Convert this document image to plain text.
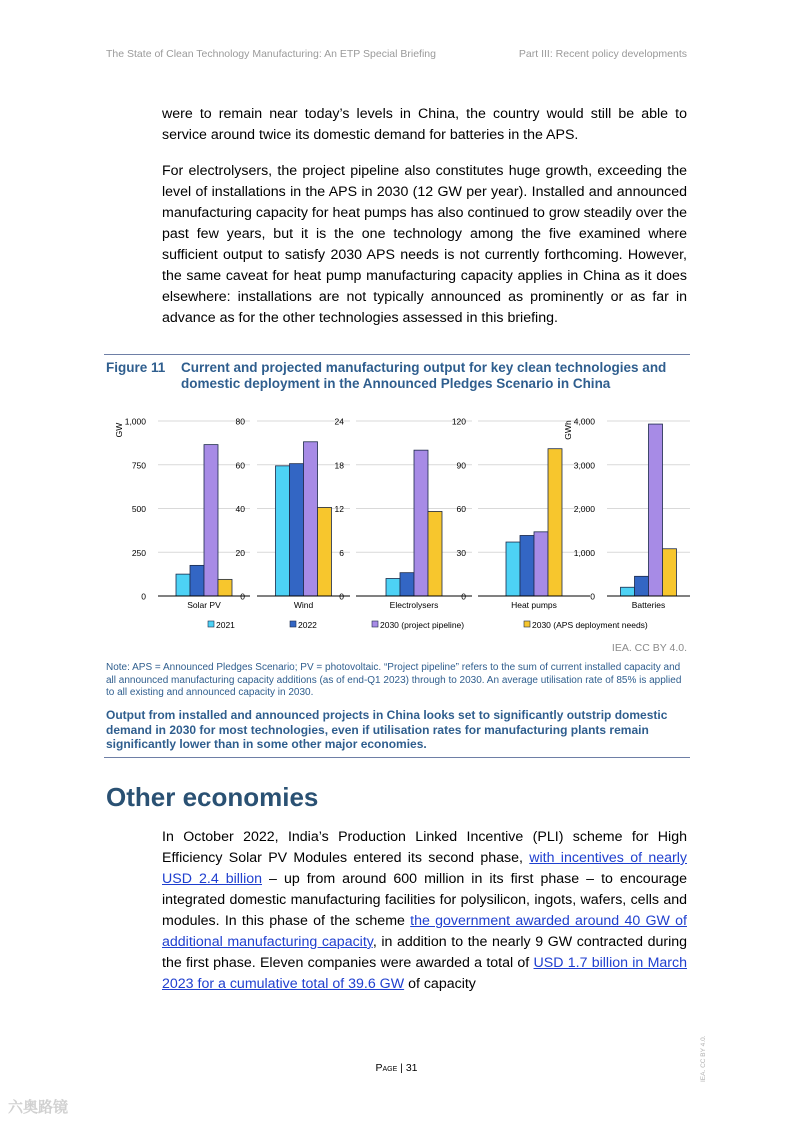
The State of Clean Technology Manufacturing: An ETP Special Briefing	Part III: Recent policy developments

were to remain near today’s levels in China, the country would still be able to service around twice its domestic demand for batteries in the APS.

For electrolysers, the project pipeline also constitutes huge growth, exceeding the level of installations in the APS in 2030 (12 GW per year). Installed and announced manufacturing capacity for heat pumps has also continued to grow steadily over the past few years, but it is the one technology among the five examined where sufficient output to satisfy 2030 APS needs is not currently forthcoming. However, the same caveat for heat pump manufacturing capacity applies in China as it does elsewhere: installations are not typically announced as prominently or as far in advance as for the other technologies assessed in this briefing.

Figure 11 Current and projected manufacturing output for key clean technologies and domestic deployment in the Announced Pledges Scenario in China
0
250
500
750
1,000
GW
Solar PV
0
20
40
60
80
Wind
0
6
12
18
24
Electrolysers
0
30
60
90
120
Heat pumps
0
1,000
2,000
3,000
4,000
GWh
Batteries
2021	2022	2030 (project pipeline)	2030 (APS deployment needs)
IEA. CC BY 4.0.

Note: APS = Announced Pledges Scenario; PV = photovoltaic. “Project pipeline” refers to the sum of current installed capacity and all announced manufacturing capacity additions (as of end-Q1 2023) through to 2030. An average utilisation rate of 85% is applied to all existing and announced capacity in 2030.

Output from installed and announced projects in China looks set to significantly outstrip domestic demand in 2030 for most technologies, even if utilisation rates for manufacturing plants remain significantly lower than in some other major economies.

Other economies

In October 2022, India’s Production Linked Incentive (PLI) scheme for High Efficiency Solar PV Modules entered its second phase, with incentives of nearly USD 2.4 billion – up from around 600 million in its first phase – to encourage integrated domestic manufacturing facilities for polysilicon, ingots, wafers, cells and modules. In this phase of the scheme the government awarded around 40 GW of additional manufacturing capacity, in addition to the nearly 9 GW contracted during the first phase. Eleven companies were awarded a total of USD 1.7 billion in March 2023 for a cumulative total of 39.6 GW of capacity

Page | 31	IEA. CC BY 4.0.
六奥路镜
